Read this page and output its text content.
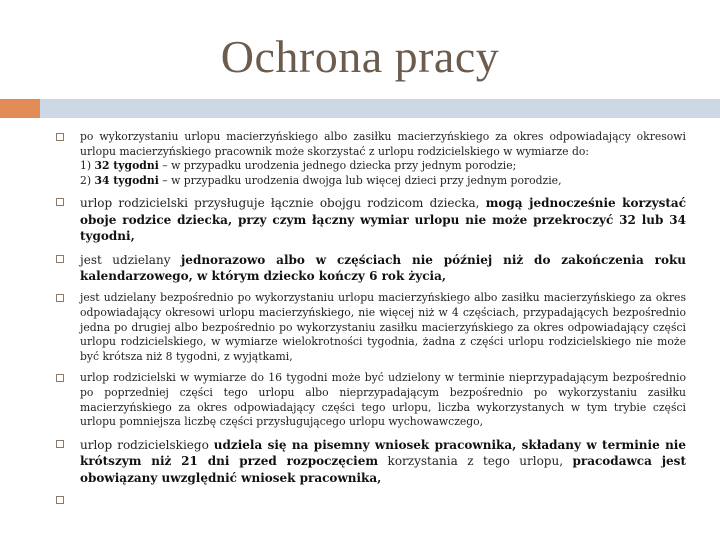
Ochrona pracy
po wykorzystaniu urlopu macierzyńskiego albo zasiłku macierzyńskiego za okres odpowiadający okresowi urlopu macierzyńskiego pracownik może skorzystać z urlopu rodzicielskiego w wymiarze do:
1) 32 tygodni – w przypadku urodzenia jednego dziecka przy jednym porodzie;
2) 34 tygodni – w przypadku urodzenia dwojga lub więcej dzieci przy jednym porodzie,
urlop rodzicielski przysługuje łącznie obojgu rodzicom dziecka, mogą jednocześnie korzystać oboje rodzice dziecka, przy czym łączny wymiar urlopu nie może przekroczyć 32 lub 34 tygodni,
jest udzielany jednorazowo albo w częściach nie później niż do zakończenia roku kalendarzowego, w którym dziecko kończy 6 rok życia,
jest udzielany bezpośrednio po wykorzystaniu urlopu macierzyńskiego albo zasiłku macierzyńskiego za okres odpowiadający okresowi urlopu macierzyńskiego, nie więcej niż w 4 częściach, przypadających bezpośrednio jedna po drugiej albo bezpośrednio po wykorzystaniu zasiłku macierzyńskiego za okres odpowiadający części urlopu rodzicielskiego, w wymiarze wielokrotności tygodnia, żadna z części urlopu rodzicielskiego nie może być krótsza niż 8 tygodni, z wyjątkami,
urlop rodzicielski w wymiarze do 16 tygodni może być udzielony w terminie nieprzypadającym bezpośrednio po poprzedniej części tego urlopu albo nieprzypadającym bezpośrednio po wykorzystaniu zasiłku macierzyńskiego za okres odpowiadający części tego urlopu, liczba wykorzystanych w tym trybie części urlopu pomniejsza liczbę części przysługującego urlopu wychowawczego,
urlop rodzicielskiego udziela się na pisemny wniosek pracownika, składany w terminie nie krótszym niż 21 dni przed rozpoczęciem korzystania z tego urlopu, pracodawca jest obowiązany uwzględnić wniosek pracownika,
